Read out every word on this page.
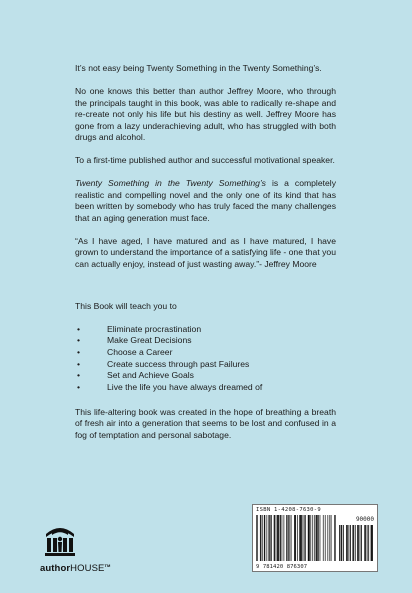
It’s not easy being Twenty Something in the Twenty Something’s.

No one knows this better than author Jeffrey Moore, who through the principals taught in this book, was able to radically re-shape and re-create not only his life but his destiny as well. Jeffrey Moore has gone from a lazy underachieving adult, who has struggled with both drugs and alcohol.

To a first-time published author and successful motivational speaker.

Twenty Something in the Twenty Something’s is a completely realistic and compelling novel and the only one of its kind that has been written by somebody who has truly faced the many challenges that an aging generation must face.

“As I have aged, I have matured and as I have matured, I have grown to understand the importance of a satisfying life - one that you can actually enjoy, instead of just wasting away.”- Jeffrey Moore

This Book will teach you to

• Eliminate procrastination
• Make Great Decisions
• Choose a Career
• Create success through past Failures
• Set and Achieve Goals
• Live the life you have always dreamed of

This life-altering book was created in the hope of breathing a breath of fresh air into a generation that seems to be lost and confused in a fog of temptation and personal sabotage.

authorHOUSE™
ISBN 1-4208-7630-9
90000
9 781420 876307
